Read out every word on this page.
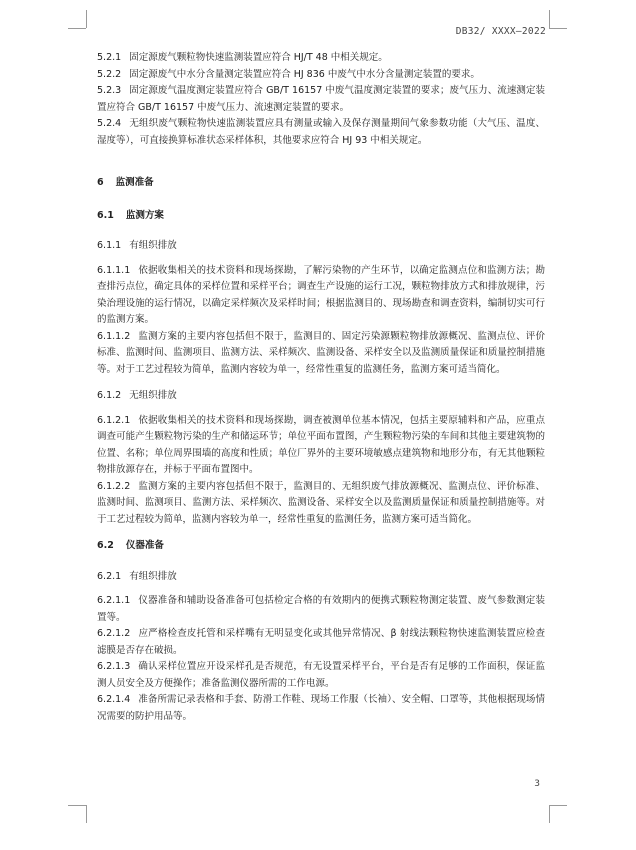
DB32/ XXXX—2022

5.2.1 固定源废气颗粒物快速监测装置应符合 HJ/T 48 中相关规定。

5.2.2 固定源废气中水分含量测定装置应符合 HJ 836 中废气中水分含量测定装置的要求。

5.2.3 固定源废气温度测定装置应符合 GB/T 16157 中废气温度测定装置的要求；废气压力、流速测定装置应符合 GB/T 16157 中废气压力、流速测定装置的要求。

5.2.4 无组织废气颗粒物快速监测装置应具有测量或输入及保存测量期间气象参数功能（大气压、温度、湿度等），可直接换算标准状态采样体积，其他要求应符合 HJ 93 中相关规定。

6 监测准备

6.1 监测方案

6.1.1 有组织排放

6.1.1.1 依据收集相关的技术资料和现场探勘，了解污染物的产生环节，以确定监测点位和监测方法；勘查排污点位，确定具体的采样位置和采样平台；调查生产设施的运行工况，颗粒物排放方式和排放规律，污染治理设施的运行情况，以确定采样频次及采样时间；根据监测目的、现场勘查和调查资料，编制切实可行的监测方案。

6.1.1.2 监测方案的主要内容包括但不限于，监测目的、固定污染源颗粒物排放源概况、监测点位、评价标准、监测时间、监测项目、监测方法、采样频次、监测设备、采样安全以及监测质量保证和质量控制措施等。对于工艺过程较为简单，监测内容较为单一，经常性重复的监测任务，监测方案可适当简化。

6.1.2 无组织排放

6.1.2.1 依据收集相关的技术资料和现场探勘，调查被测单位基本情况，包括主要原辅料和产品，应重点调查可能产生颗粒物污染的生产和储运环节；单位平面布置图，产生颗粒物污染的车间和其他主要建筑物的位置、名称；单位周界围墙的高度和性质；单位厂界外的主要环境敏感点建筑物和地形分布，有无其他颗粒物排放源存在，并标于平面布置图中。

6.1.2.2 监测方案的主要内容包括但不限于，监测目的、无组织废气排放源概况、监测点位、评价标准、监测时间、监测项目、监测方法、采样频次、监测设备、采样安全以及监测质量保证和质量控制措施等。对于工艺过程较为简单，监测内容较为单一，经常性重复的监测任务，监测方案可适当简化。

6.2 仪器准备

6.2.1 有组织排放

6.2.1.1 仪器准备和辅助设备准备可包括检定合格的有效期内的便携式颗粒物测定装置、废气参数测定装置等。

6.2.1.2 应严格检查皮托管和采样嘴有无明显变化或其他异常情况、β 射线法颗粒物快速监测装置应检查滤膜是否存在破损。

6.2.1.3 确认采样位置应开设采样孔是否规范，有无设置采样平台，平台是否有足够的工作面积，保证监测人员安全及方便操作；准备监测仪器所需的工作电源。

6.2.1.4 准备所需记录表格和手套、防滑工作鞋、现场工作服（长袖）、安全帽、口罩等，其他根据现场情况需要的防护用品等。

3
